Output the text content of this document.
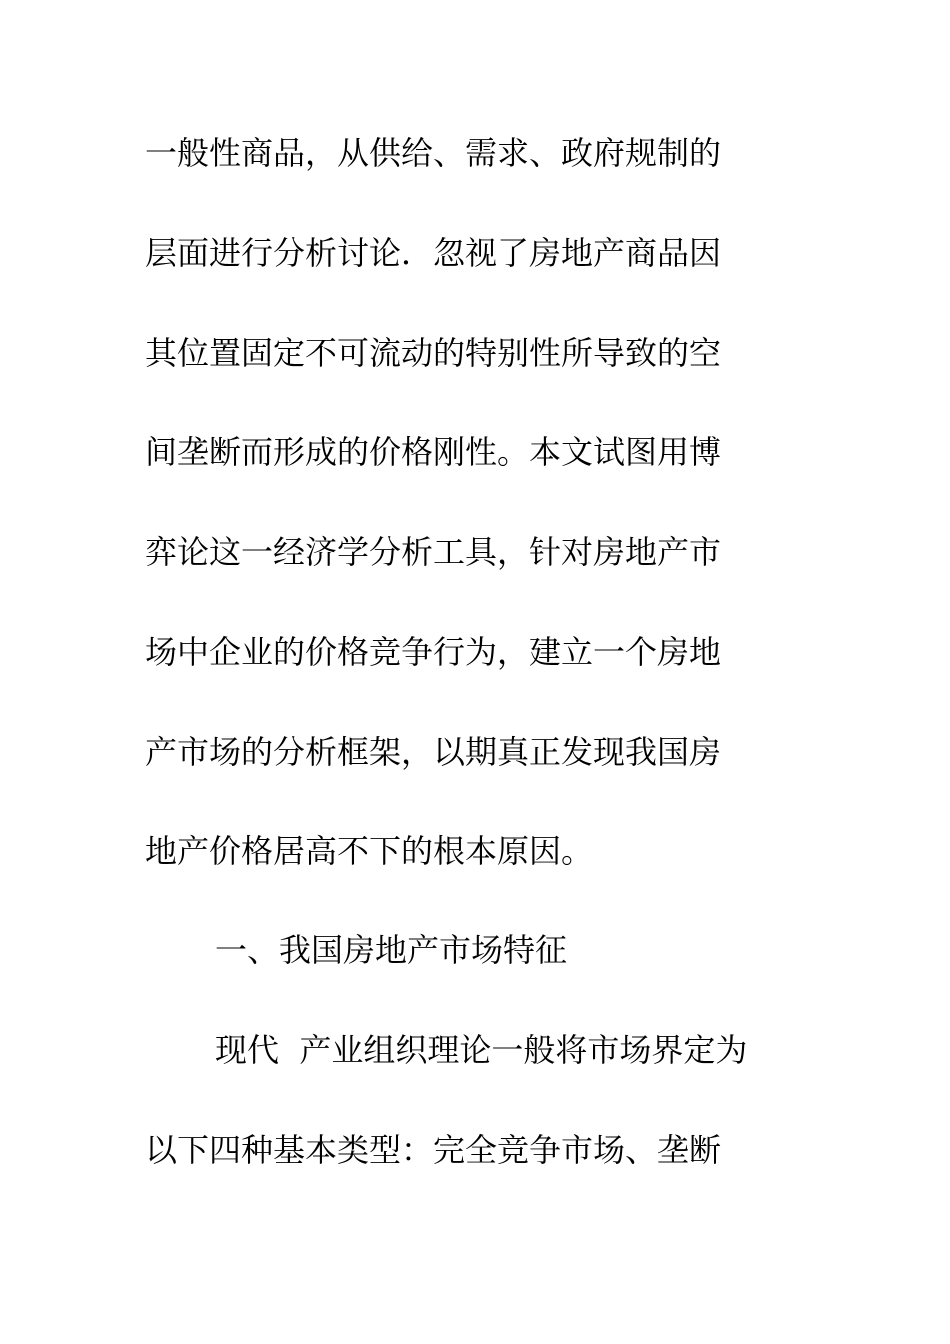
一般性商品，从供给、需求、政府规制的

层面进行分析讨论．忽视了房地产商品因

其位置固定不可流动的特别性所导致的空

间垄断而形成的价格刚性。本文试图用博

弈论这一经济学分析工具，针对房地产市

场中企业的价格竞争行为，建立一个房地

产市场的分析框架，以期真正发现我国房

地产价格居高不下的根本原因。

一、我国房地产市场特征

现代  产业组织理论一般将市场界定为

以下四种基本类型：完全竞争市场、垄断
